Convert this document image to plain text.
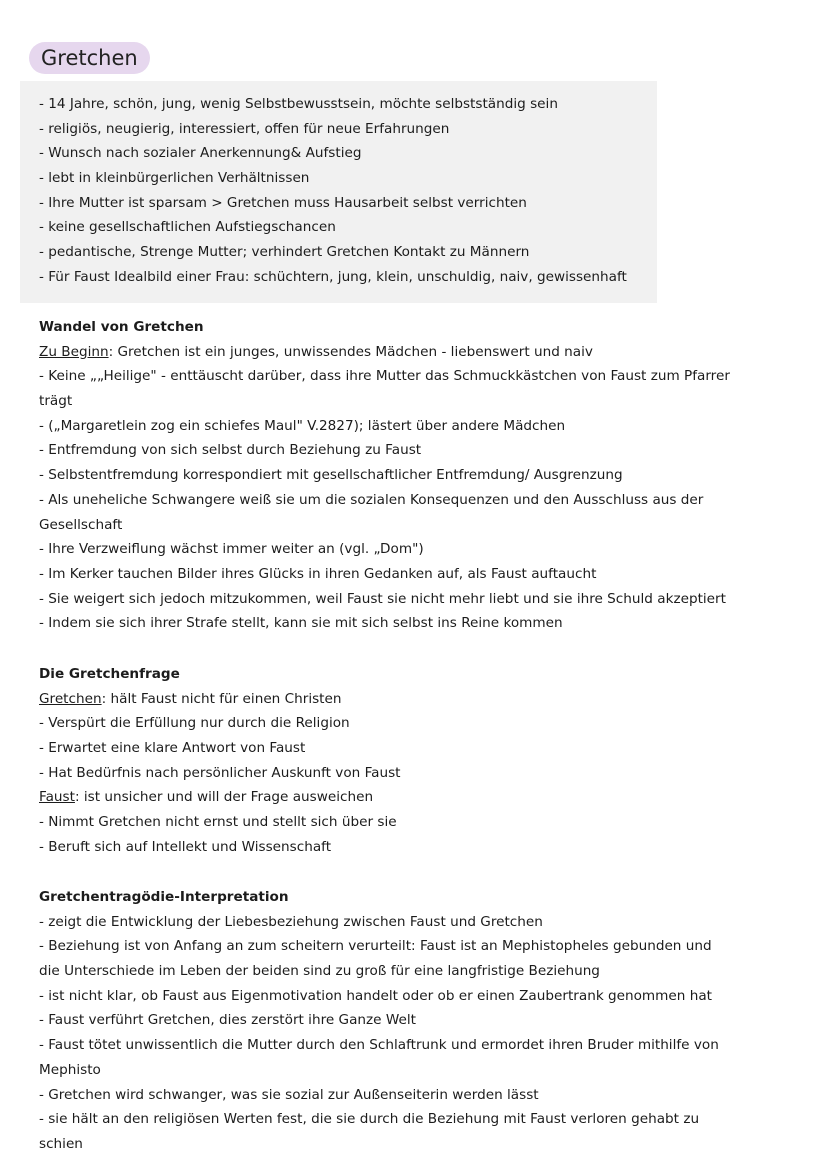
Gretchen
- 14 Jahre, schön, jung, wenig Selbstbewusstsein, möchte selbstständig sein
- religiös, neugierig, interessiert, offen für neue Erfahrungen
- Wunsch nach sozialer Anerkennung& Aufstieg
- lebt in kleinbürgerlichen Verhältnissen
- Ihre Mutter ist sparsam > Gretchen muss Hausarbeit selbst verrichten
- keine gesellschaftlichen Aufstiegschancen
- pedantische, Strenge Mutter; verhindert Gretchen Kontakt zu Männern
- Für Faust Idealbild einer Frau: schüchtern, jung, klein, unschuldig, naiv, gewissenhaft
Wandel von Gretchen
Zu Beginn: Gretchen ist ein junges, unwissendes Mädchen - liebenswert und naiv
- Keine „„Heilige" - enttäuscht darüber, dass ihre Mutter das Schmuckkästchen von Faust zum Pfarrer
trägt
- („Margaretlein zog ein schiefes Maul" V.2827); lästert über andere Mädchen
- Entfremdung von sich selbst durch Beziehung zu Faust
- Selbstentfremdung korrespondiert mit gesellschaftlicher Entfremdung/ Ausgrenzung
- Als uneheliche Schwangere weiß sie um die sozialen Konsequenzen und den Ausschluss aus der
Gesellschaft
- Ihre Verzweiflung wächst immer weiter an (vgl. „Dom")
- Im Kerker tauchen Bilder ihres Glücks in ihren Gedanken auf, als Faust auftaucht
- Sie weigert sich jedoch mitzukommen, weil Faust sie nicht mehr liebt und sie ihre Schuld akzeptiert
- Indem sie sich ihrer Strafe stellt, kann sie mit sich selbst ins Reine kommen
Die Gretchenfrage
Gretchen: hält Faust nicht für einen Christen
- Verspürt die Erfüllung nur durch die Religion
- Erwartet eine klare Antwort von Faust
- Hat Bedürfnis nach persönlicher Auskunft von Faust
Faust: ist unsicher und will der Frage ausweichen
- Nimmt Gretchen nicht ernst und stellt sich über sie
- Beruft sich auf Intellekt und Wissenschaft
Gretchentragödie-Interpretation
- zeigt die Entwicklung der Liebesbeziehung zwischen Faust und Gretchen
- Beziehung ist von Anfang an zum scheitern verurteilt: Faust ist an Mephistopheles gebunden und
die Unterschiede im Leben der beiden sind zu groß für eine langfristige Beziehung
- ist nicht klar, ob Faust aus Eigenmotivation handelt oder ob er einen Zaubertrank genommen hat
- Faust verführt Gretchen, dies zerstört ihre Ganze Welt
- Faust tötet unwissentlich die Mutter durch den Schlaftrunk und ermordet ihren Bruder mithilfe von
Mephisto
- Gretchen wird schwanger, was sie sozial zur Außenseiterin werden lässt
- sie hält an den religiösen Werten fest, die sie durch die Beziehung mit Faust verloren gehabt zu
schien
